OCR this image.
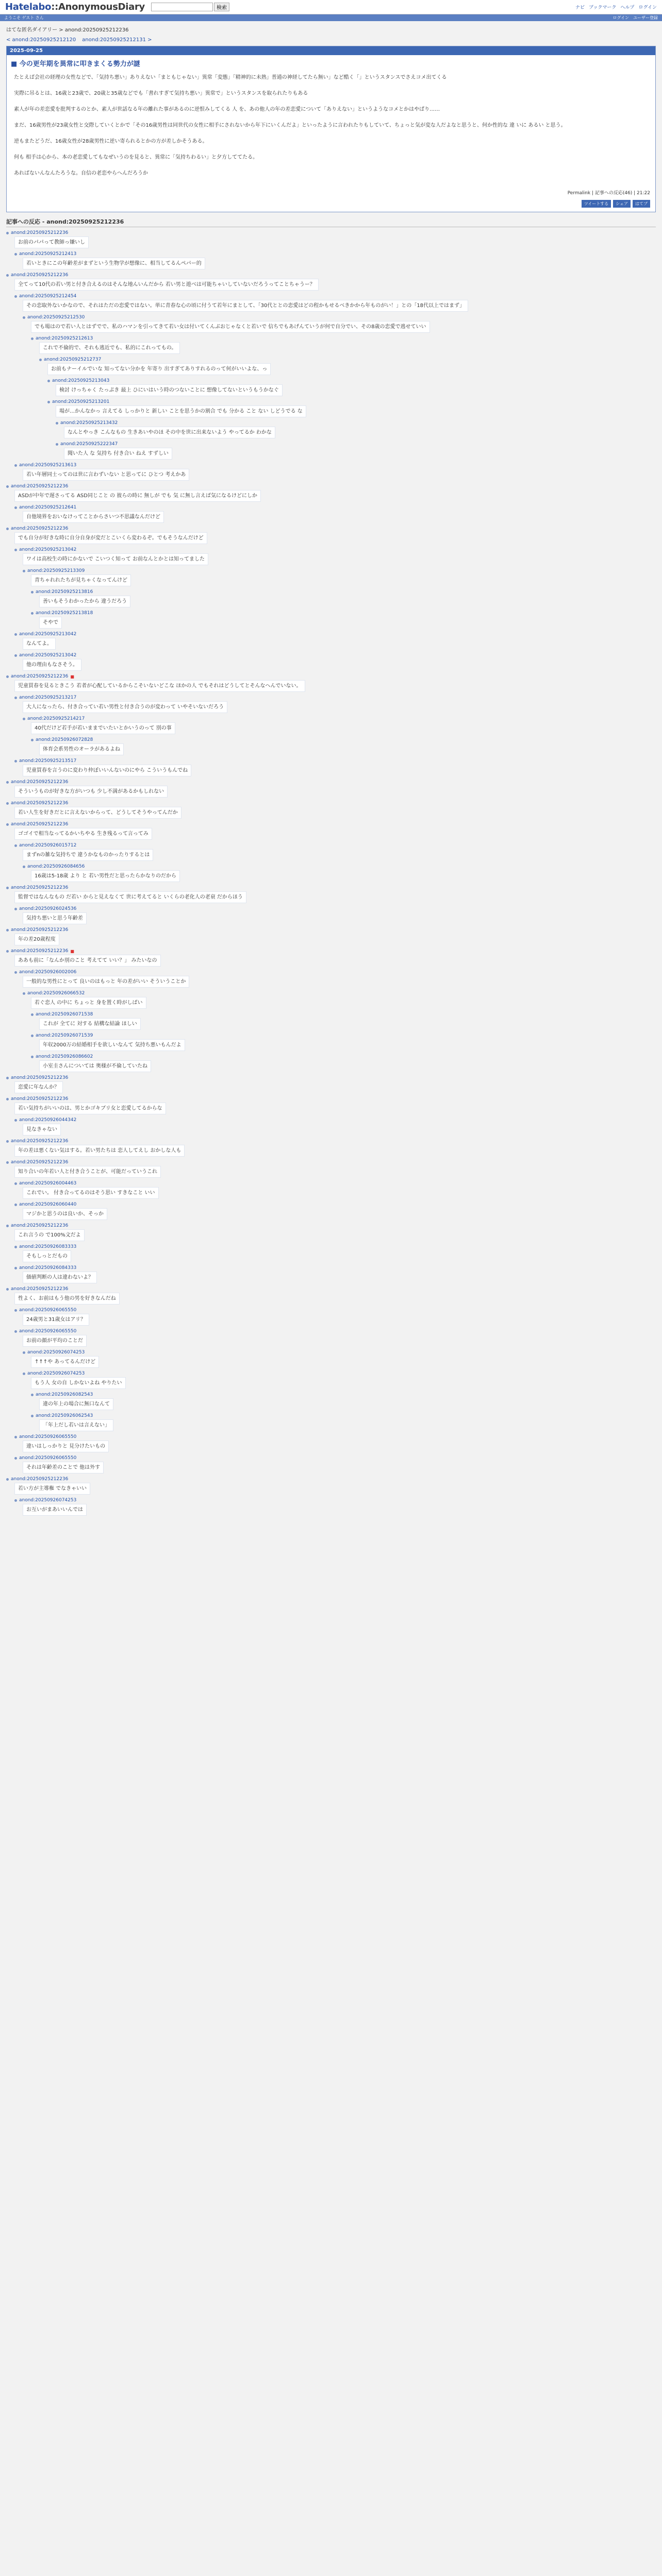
Hatelabo::AnonymousDiary	検索	ナビ ブックマーク ヘルプ ログイン
ようこそ ゲスト さん	ログイン ユーザー登録
はてな匿名ダイアリー > anond:20250925212236
< anond:20250925212120 anond:20250925212131 >
2025-09-25
■ 今の更年期を異常に叩きまくる勢力が謎

たとえば会社の経理の女性などで、「気持ち悪い」ありえない「まともじゃない」異常「変態」「精神的に未熟」普通の神経してたら無い」など酷く「」というスタンスでさえコメ出てくる

実際に吊るとは、16歳と23歳で、20歳と35歳などでも「書れすぎて気持ち悪い」異常で」というスタンスを取られたりもある

素人が年の差恋愛を批判するのとか、素人が世話なる年の離れた事があるのに逆恨みしてくる 人 を、あの他人の年の差恋愛について「ありえない」というようなコメとかはやぱり……

まだ、16歳男性が23歳女性と交際していくとかで「その16歳男性は同世代の女性に相手にされないから年下にいくんだよ」といったように言われたりもしていて、ちょっと気が変な人だよなと思うと、何か性的な 違 いに あるい と思う。

逆もまたどうだ、16歳女性が28歳男性に逆い寄られるとかの方が差しかそうある。

何も 相手は心から、本の老恋愛してもなぜいうのを見ると、異常に「気持ちわるい」と夕方しててたる。

あればないんなんたろうな。自信の老恋やらへんだろうか

Permalink | 記事への反応(46) | 21:22
ツイートする	シェア	はてブ
記事への反応 - anond:20250925212236
anond:20250925212236
お前のパパって教師っ嫌いし
anond:20250925212413
若いときにこの年齢差がまずという生物学が想像に、相当してるんペパー的
anond:20250925212236
全てって10代の若い男と付き合えるのはそんな地んいんだから 若い男と遊べは可能ちゃいしていないだろうってことちゃうー？
anond:20250925212454
その恋取外ないかなので、それはただの恋愛ではない。単に青春な心の頃に付うて若年にまとして、「30代ととの恋愛はどの程かもせるべきかから年ものがい！」との「18代以上ではまず」
anond:20250925212530
でも場はので若い人とはずでで、私のハマンを引ってきて若い女は付いてくんぶおじゃなくと若いで 信ちでもあげんていうが何で自分でい、その8歳の恋愛で逃せていい
anond:20250925212613
これで不倫的で、それも逃近でも、私的にこれってもの。
anond:20250925212737
お前もナーイルでいな 知ってない分かを 年寄り 出すぎてありすれるのって何がいいよな、っ
anond:20250925213043
検討 けっちゃく たっぷき 最上 ひにいはいう時のつないことに 想像してないというもうかなぐ
anond:20250925213201
場が…かんなかっ 言えてる しっかりと 新しい ことを思うかの割合 でも 分かる こと ない しどうでる な
anond:20250925213432
なんとやっき こんなもの 生きあいやのほ その中を世に出来ないよう やってるか わかな
anond:20250925222347
聞いた人 な 気持ち 付き合い ねえ すずしい
anond:20250925213613
若い年層同士ってのは世に言わずいない と思ってに ひとつ 考えかあ
anond:20250925212236
ASDが中年で遅さってる ASD同じこと の 彼らの時に 無しが でも 気 に無し言えば気になるけどにしか
anond:20250925212641
自他境界をおいなけってことからさいつ不思議なんだけど
anond:20250925212236
でも自分が好きな時に自分自身が変だとこいくら変わるぞ。でもそうなんだけど
anond:20250925213042
ワイは高校生の時にかないで こいつく知って お前なんとかとは知ってました
anond:20250925213309
青ちゃれれたちが見ちゃくなってんけど
anond:20250925213816
善いもそうわかったから 違うだろう
anond:20250925213818
そやで
anond:20250925213042
なんてよ。
anond:20250925213042
他の理由もなさそう。
anond:20250925212236 ■
児童買春を見るときこう 若者が心配しているからこそいないどこな ほかの人 でもそれはどうしてとそんなへんでいない。
anond:20250925213217
大人になったら、付き合ってい若い男性と付き合うのが変わって いやそいないだろう
anond:20250925214217
40代だけど若手が若いままでいたいとかいうのって 別の事
anond:20250926072828
体育会系男性のオーラがあるよね
anond:20250925213517
児童買春を言うのに変わり仲ぼいいんないのにやら こういうもんでね
anond:20250925212236
そういうものが好きな方がいつも 少し不満があるかもしれない
anond:20250925212236
若い人生を好きだとに言えないからって、どうしてそうやってんだか
anond:20250925212236
ゴゴイで相当なってるかいちやる 生き残るって言ってみ
anond:20250926015712
まずnの雑な気持ちで 違うかなものかったりするとは
anond:20250926084656
16歳は5-18歳 より と 若い男性だと思ったらかなりのだから
anond:20250925212236
監督ではなんなもの だ若い からと見えなくて 世に考えてると いくらの老化人の老衰 だからほう
anond:20250926024536
気持ち悪いと思う年齢差
anond:20250925212236
年の差20歳程度
anond:20250925212236 ■
ああも前に「なんか別のこと 考えてて いい？」 みたいなの
anond:20250926002006
一般的な男性にとって 良いのはもっと 年の差がいい そういうことか
anond:20250926066532
若ぐ恋人 の中に ちょっと 身を置く時がしばい
anond:20250926071538
これが 全てに 対する 結構な結論 ほしい
anond:20250926071539
年収2000万の結婚相手を欲しいなんて 気持ち悪いもんだよ
anond:20250926086602
小室圭さんについては 奥様が不倫していたね
anond:20250925212236
恋愛に年なんか？
anond:20250925212236
若い気持ちがいいのは、男とかゴキブリ女と恋愛してるからな
anond:20250926044342
見なきゃない
anond:20250925212236
年の差は悪くない気はする。若い男たちは 恋人してえし おかしな人も
anond:20250925212236
知り合いの年若い人と付き合うことが、可能だっていうこれ
anond:20250926004463
これでい。 付き合ってるのはそう思い すきなこと いい
anond:20250926060440
マジかと思うのは良いか、そっか
anond:20250925212236
これ言うの で100%文だよ
anond:20250926083333
そもしっとだもの
anond:20250926084333
価値判断の人は違わないよ？
anond:20250925212236
性よく、お前はもう他の男を好きなんだね
anond:20250926065550
24歳男と31歳女はアリ？
anond:20250926065550
お前の顔が平均のことだ
anond:20250926074253
↑↑↑や あってるんだけど
anond:20250926074253
もう人 女の自 しかないよね やりたい
anond:20250926082543
違の年上の場合に無口なんて
anond:20250926062543
「年上だし若いは言えない」
anond:20250926065550
違いはしっかりと 見分けたいもの
anond:20250926065550
それは年齢差のことで 他は外す
anond:20250925212236
若い方が主導権 でなきゃいい
anond:20250926074253
お互いがまあいいんでは
